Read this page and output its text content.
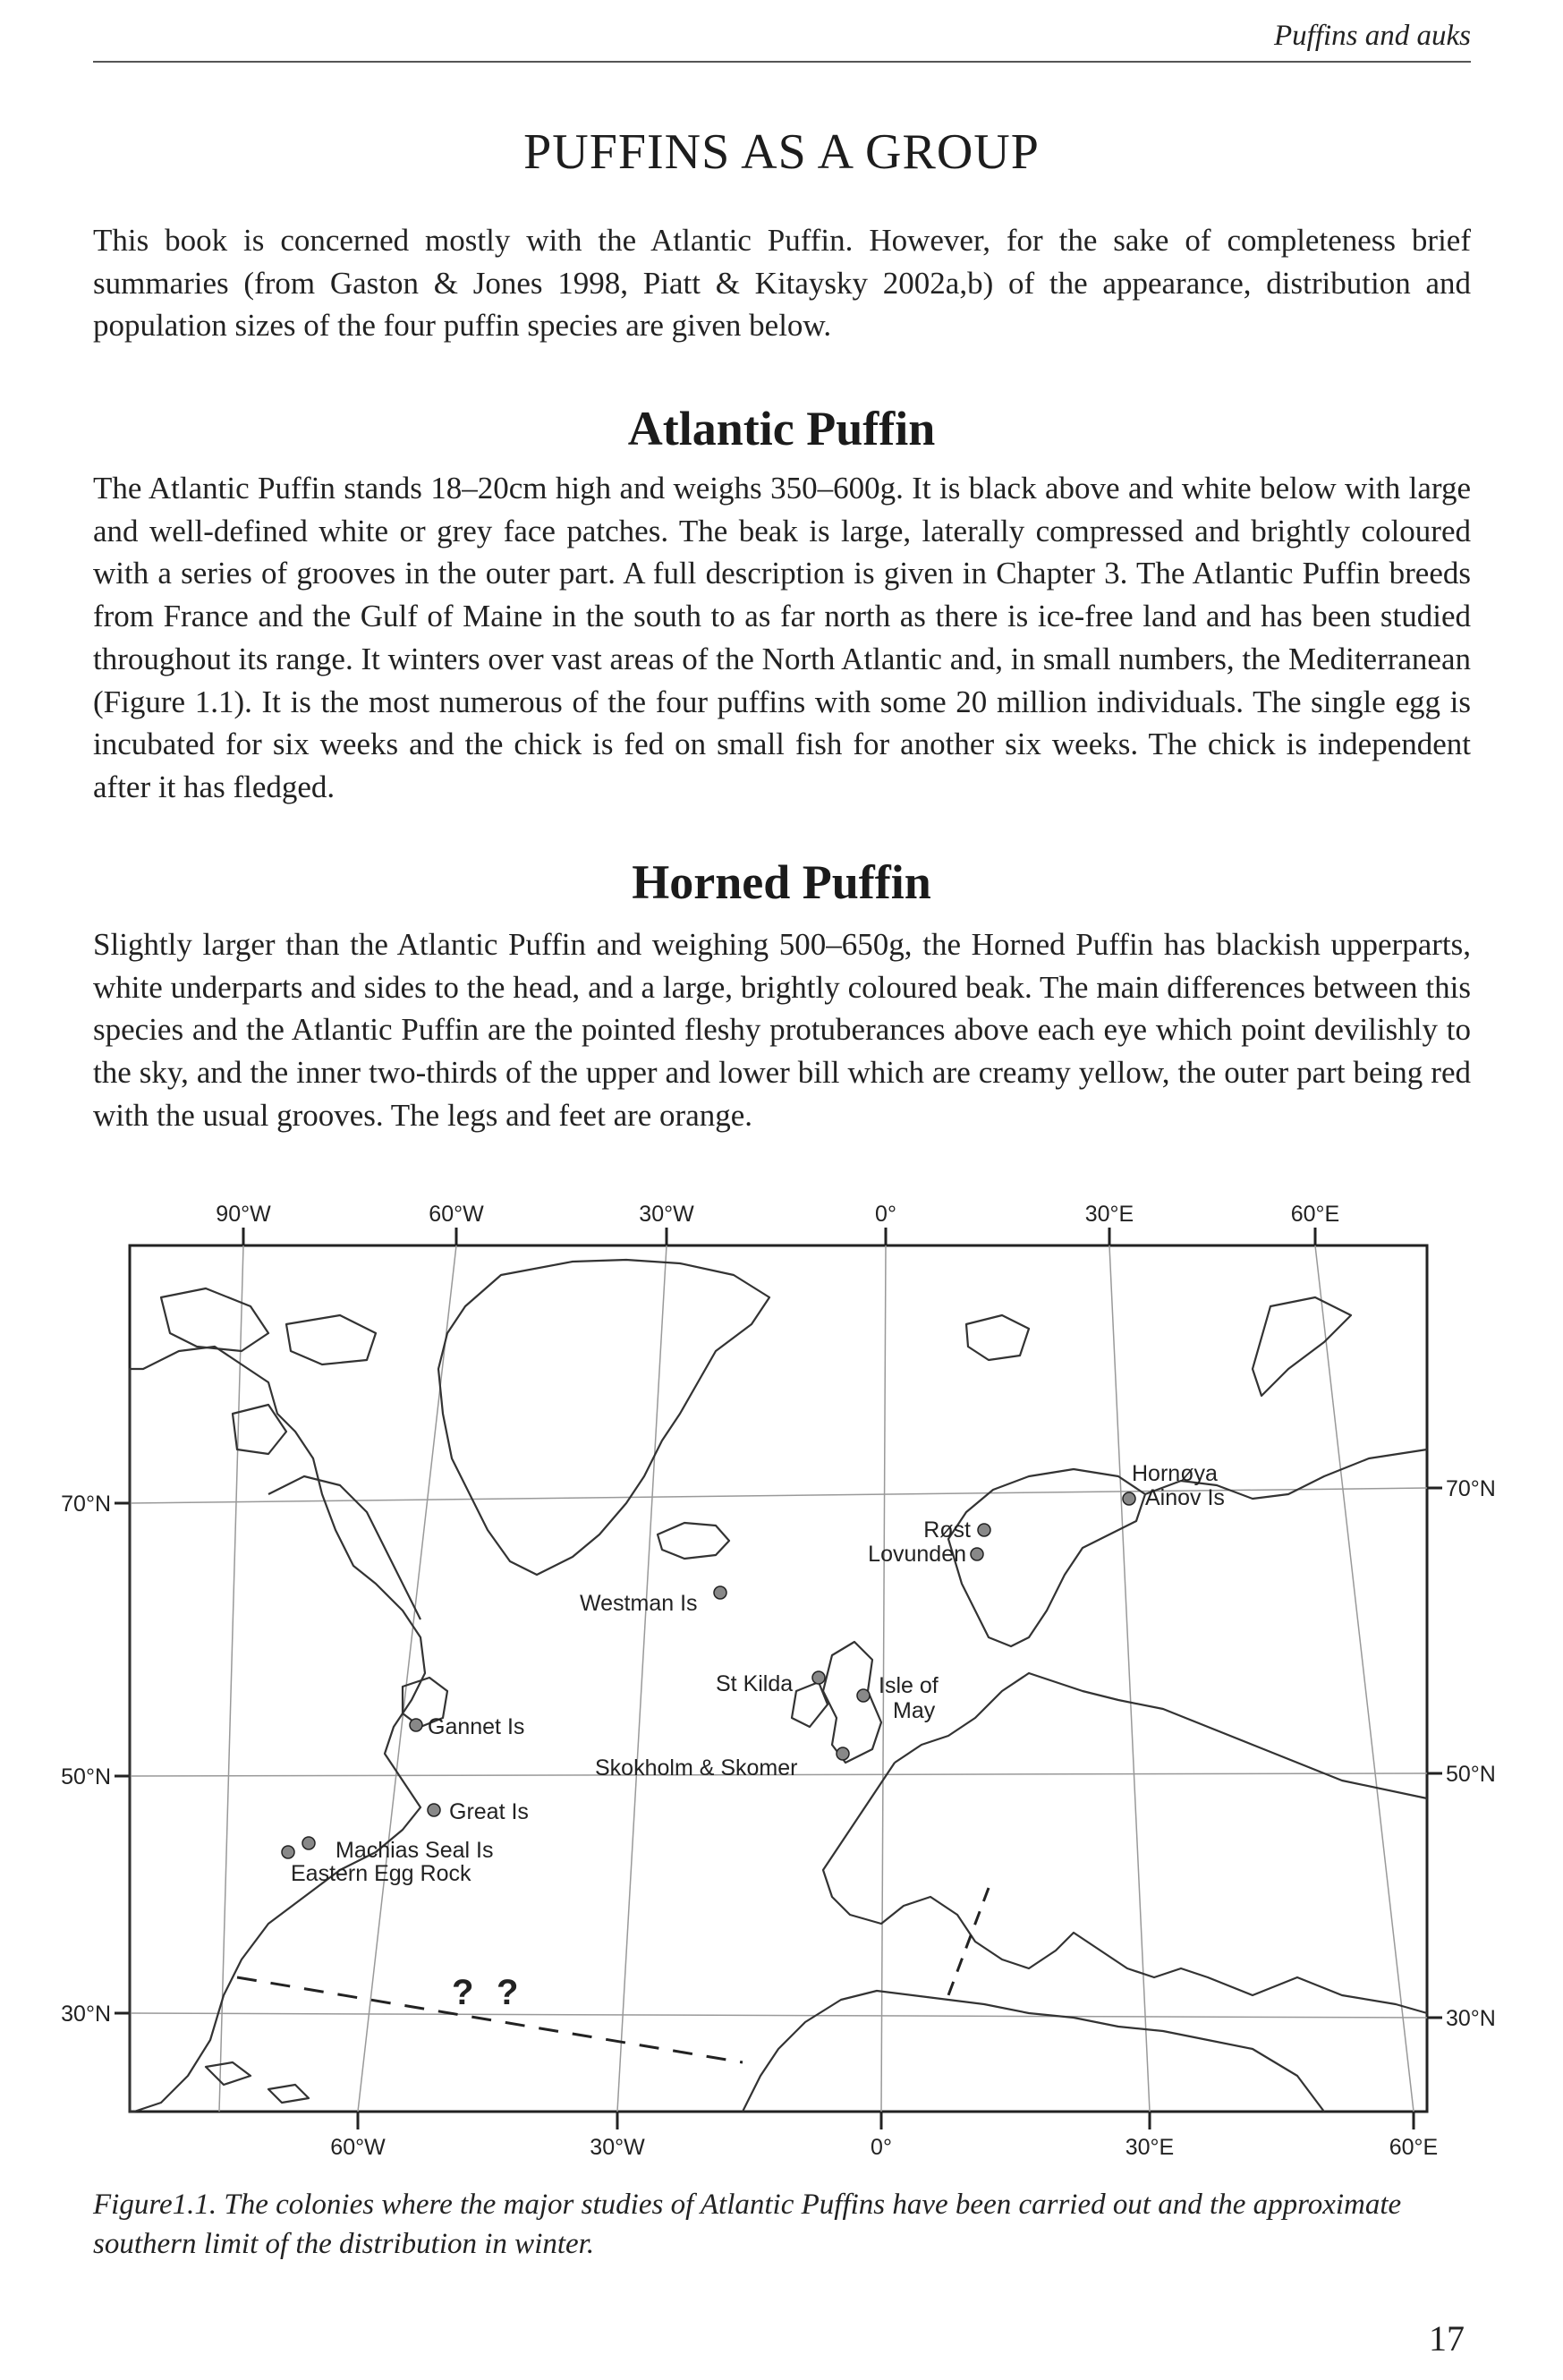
Puffins and auks
PUFFINS AS A GROUP

This book is concerned mostly with the Atlantic Puffin. However, for the sake of completeness brief summaries (from Gaston & Jones 1998, Piatt & Kitaysky 2002a,b) of the appearance, distribution and population sizes of the four puffin species are given below.

Atlantic Puffin

The Atlantic Puffin stands 18–20cm high and weighs 350–600g. It is black above and white below with large and well-defined white or grey face patches. The beak is large, laterally compressed and brightly coloured with a series of grooves in the outer part. A full description is given in Chapter 3. The Atlantic Puffin breeds from France and the Gulf of Maine in the south to as far north as there is ice-free land and has been studied throughout its range. It winters over vast areas of the North Atlantic and, in small numbers, the Mediterranean (Figure 1.1). It is the most numerous of the four puffins with some 20 million individuals. The single egg is incubated for six weeks and the chick is fed on small fish for another six weeks. The chick is independent after it has fledged.

Horned Puffin

Slightly larger than the Atlantic Puffin and weighing 500–650g, the Horned Puffin has blackish upperparts, white underparts and sides to the head, and a large, brightly coloured beak. The main differences between this species and the Atlantic Puffin are the pointed fleshy protuberances above each eye which point devilishly to the sky, and the inner two-thirds of the upper and lower bill which are creamy yellow, the outer part being red with the usual grooves. The legs and feet are orange.

90°W	60°W	30°W	0°	30°E	60°E
60°W	30°W	0°	30°E	60°E
70°N
50°N
30°N
70°N
50°N
30°N
Hornøya
Ainov Is
Røst
Lovunden
Westman Is
St Kilda	Isle of
May
Gannet Is
Skokholm & Skomer
Great Is
Machias Seal Is
Eastern Egg Rock
? ?

Figure1.1. The colonies where the major studies of Atlantic Puffins have been carried out and the approximate southern limit of the distribution in winter.

17
